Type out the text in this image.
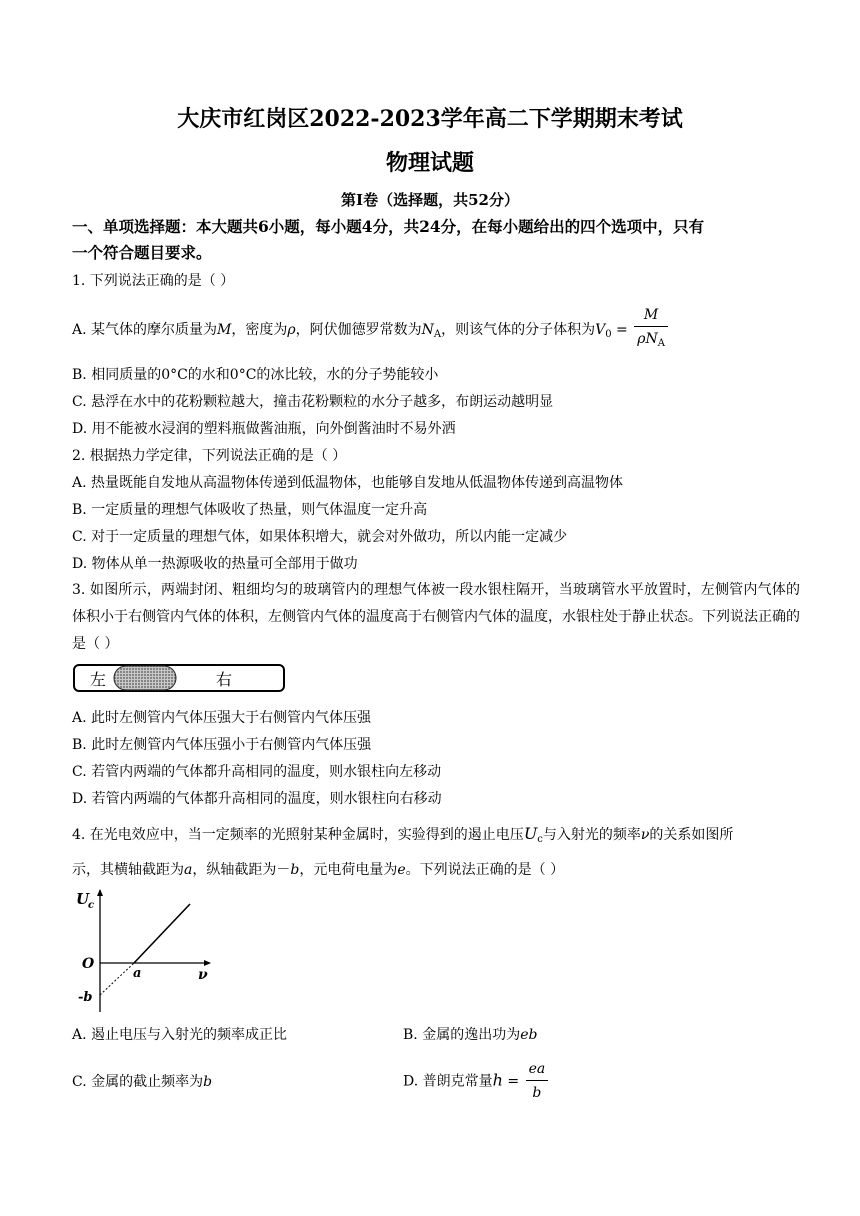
大庆市红岗区2022-2023学年高二下学期期末考试
物理试题
第Ⅰ卷（选择题，共52分）
一、单项选择题：本大题共6小题，每小题4分，共24分，在每小题给出的四个选项中，只有
一个符合题目要求。
1. 下列说法正确的是（ ）
A. 某气体的摩尔质量为M，密度为ρ，阿伏伽德罗常数为$N_A$，则该气体的分子体积为$V_0 = \frac{M}{\rho N_A}$
B. 相同质量的0°C的水和0°C的冰比较，水的分子势能较小
C. 悬浮在水中的花粉颗粒越大，撞击花粉颗粒的水分子越多，布朗运动越明显
D. 用不能被水浸润的塑料瓶做酱油瓶，向外倒酱油时不易外洒
2. 根据热力学定律，下列说法正确的是（ ）
A. 热量既能自发地从高温物体传递到低温物体，也能够自发地从低温物体传递到高温物体
B. 一定质量的理想气体吸收了热量，则气体温度一定升高
C. 对于一定质量的理想气体，如果体积增大，就会对外做功，所以内能一定减少
D. 物体从单一热源吸收的热量可全部用于做功
3. 如图所示，两端封闭、粗细均匀的玻璃管内的理想气体被一段水银柱隔开，当玻璃管水平放置时，左侧管内气体的体积小于右侧管内气体的体积，左侧管内气体的温度高于右侧管内气体的温度，水银柱处于静止状态。下列说法正确的是（ ）
左	右
A. 此时左侧管内气体压强大于右侧管内气体压强
B. 此时左侧管内气体压强小于右侧管内气体压强
C. 若管内两端的气体都升高相同的温度，则水银柱向左移动
D. 若管内两端的气体都升高相同的温度，则水银柱向右移动
4. 在光电效应中，当一定频率的光照射某种金属时，实验得到的遏止电压$U_c$与入射光的频率ν的关系如图所
示，其横轴截距为a，纵轴截距为－b，元电荷电量为e。下列说法正确的是（ ）
U
c
O
ν
a
-b
A. 遏止电压与入射光的频率成正比	B. 金属的逸出功为eb
C. 金属的截止频率为b	D. 普朗克常量$h = \frac{ea}{b}$
